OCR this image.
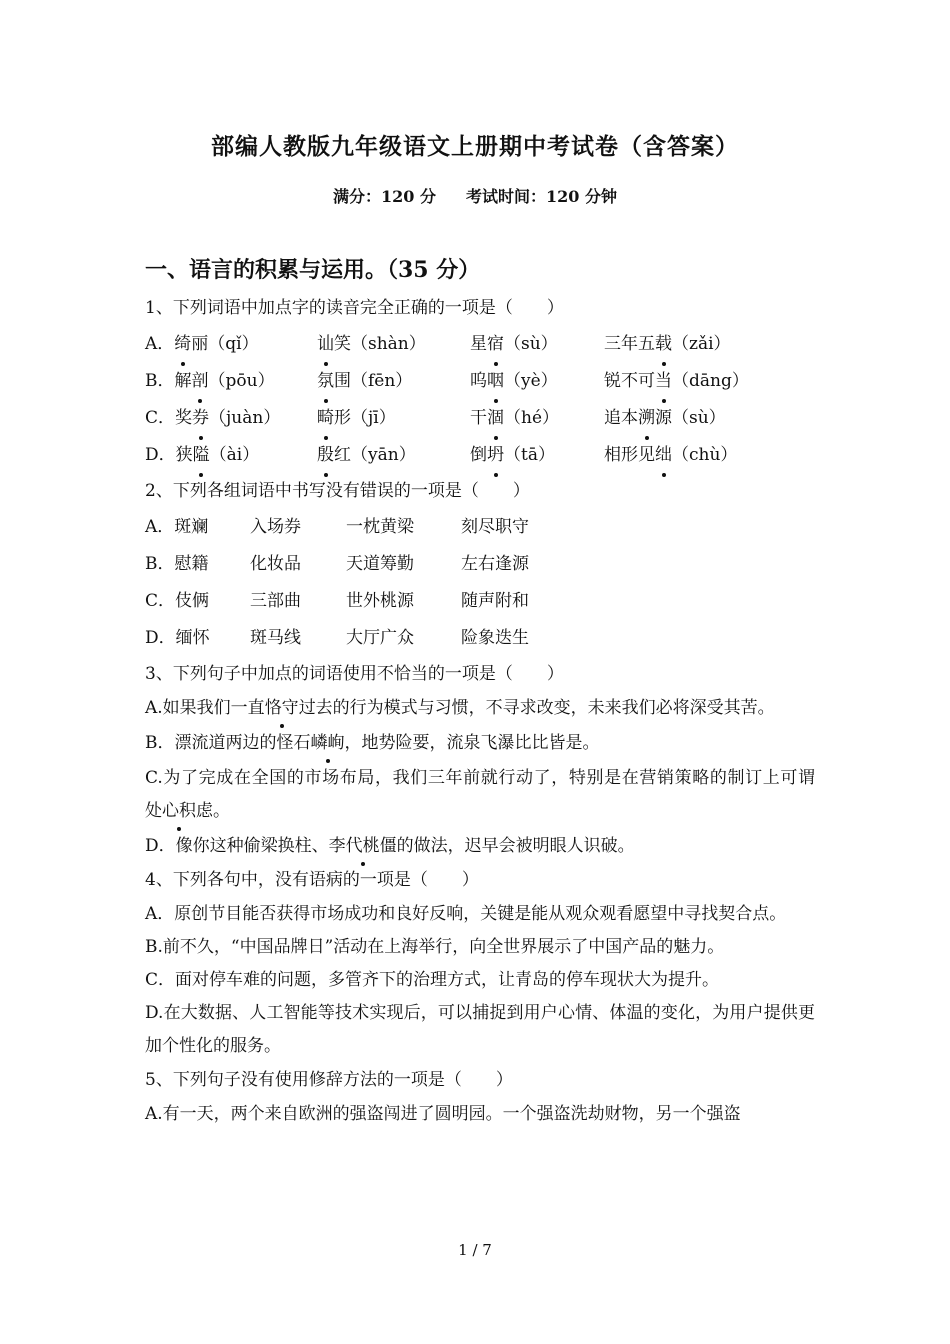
部编人教版九年级语文上册期中考试卷（含答案）
满分：120 分 考试时间：120 分钟
一、语言的积累与运用。（35 分）
1、下列词语中加点字的读音完全正确的一项是（　　）
A．绮丽（qǐ）	讪笑（shàn）	星宿（sù）	三年五载（zǎi）
B．解剖（pōu）	氛围（fēn）	呜咽（yè）	锐不可当（dāng）
C．奖券（juàn）	畸形（jī）	干涸（hé）	追本溯源（sù）
D．狭隘（ài）	殷红（yān）	倒坍（tā）	相形见绌（chù）
2、下列各组词语中书写没有错误的一项是（　　）
A．斑斓	入场券	一枕黄梁	刻尽职守
B．慰籍	化妆品	天道筹勤	左右逢源
C．伎俩	三部曲	世外桃源	随声附和
D．缅怀	斑马线	大厅广众	险象迭生
3、下列句子中加点的词语使用不恰当的一项是（　　）
A.如果我们一直恪守过去的行为模式与习惯，不寻求改变，未来我们必将深受其苦。
B．漂流道两边的怪石嶙峋，地势险要，流泉飞瀑比比皆是。
C.为了完成在全国的市场布局，我们三年前就行动了，特别是在营销策略的制订上可谓处心积虑。
D．像你这种偷梁换柱、李代桃僵的做法，迟早会被明眼人识破。
4、下列各句中，没有语病的一项是（　　）
A．原创节目能否获得市场成功和良好反响，关键是能从观众观看愿望中寻找契合点。
B.前不久，“中国品牌日”活动在上海举行，向全世界展示了中国产品的魅力。
C．面对停车难的问题，多管齐下的治理方式，让青岛的停车现状大为提升。
D.在大数据、人工智能等技术实现后，可以捕捉到用户心情、体温的变化，为用户提供更加个性化的服务。
5、下列句子没有使用修辞方法的一项是（　　）
A.有一天，两个来自欧洲的强盗闯进了圆明园。一个强盗洗劫财物，另一个强盗
1 / 7
